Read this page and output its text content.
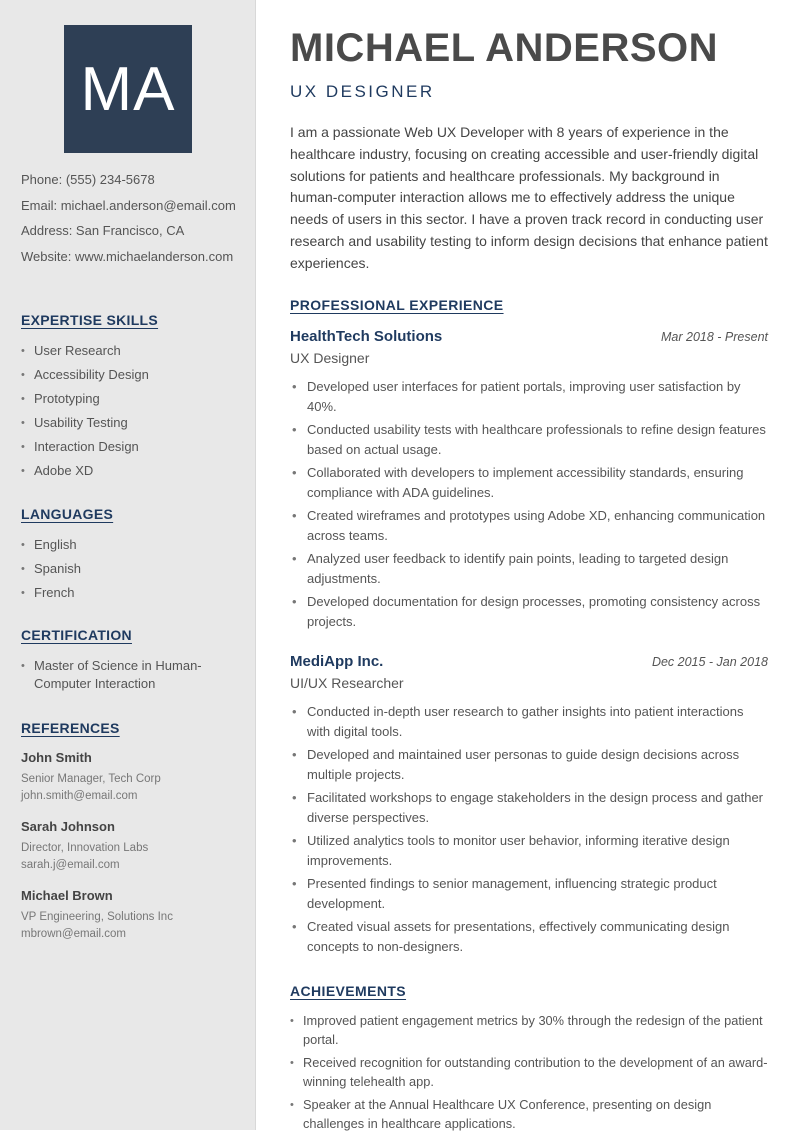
MA
Phone: (555) 234-5678
Email: michael.anderson@email.com
Address: San Francisco, CA
Website: www.michaelanderson.com
EXPERTISE SKILLS
• User Research
• Accessibility Design
• Prototyping
• Usability Testing
• Interaction Design
• Adobe XD
LANGUAGES
• English
• Spanish
• French
CERTIFICATION
• Master of Science in Human-Computer Interaction
REFERENCES
John Smith
Senior Manager, Tech Corp
john.smith@email.com
Sarah Johnson
Director, Innovation Labs
sarah.j@email.com
Michael Brown
VP Engineering, Solutions Inc
mbrown@email.com
MICHAEL ANDERSON
UX DESIGNER
I am a passionate Web UX Developer with 8 years of experience in the healthcare industry, focusing on creating accessible and user-friendly digital solutions for patients and healthcare professionals. My background in human-computer interaction allows me to effectively address the unique needs of users in this sector. I have a proven track record in conducting user research and usability testing to inform design decisions that enhance patient experiences.
PROFESSIONAL EXPERIENCE
HealthTech Solutions	Mar 2018 - Present
UX Designer
• Developed user interfaces for patient portals, improving user satisfaction by 40%.
• Conducted usability tests with healthcare professionals to refine design features based on actual usage.
• Collaborated with developers to implement accessibility standards, ensuring compliance with ADA guidelines.
• Created wireframes and prototypes using Adobe XD, enhancing communication across teams.
• Analyzed user feedback to identify pain points, leading to targeted design adjustments.
• Developed documentation for design processes, promoting consistency across projects.
MediApp Inc.	Dec 2015 - Jan 2018
UI/UX Researcher
• Conducted in-depth user research to gather insights into patient interactions with digital tools.
• Developed and maintained user personas to guide design decisions across multiple projects.
• Facilitated workshops to engage stakeholders in the design process and gather diverse perspectives.
• Utilized analytics tools to monitor user behavior, informing iterative design improvements.
• Presented findings to senior management, influencing strategic product development.
• Created visual assets for presentations, effectively communicating design concepts to non-designers.
ACHIEVEMENTS
• Improved patient engagement metrics by 30% through the redesign of the patient portal.
• Received recognition for outstanding contribution to the development of an award-winning telehealth app.
• Speaker at the Annual Healthcare UX Conference, presenting on design challenges in healthcare applications.
